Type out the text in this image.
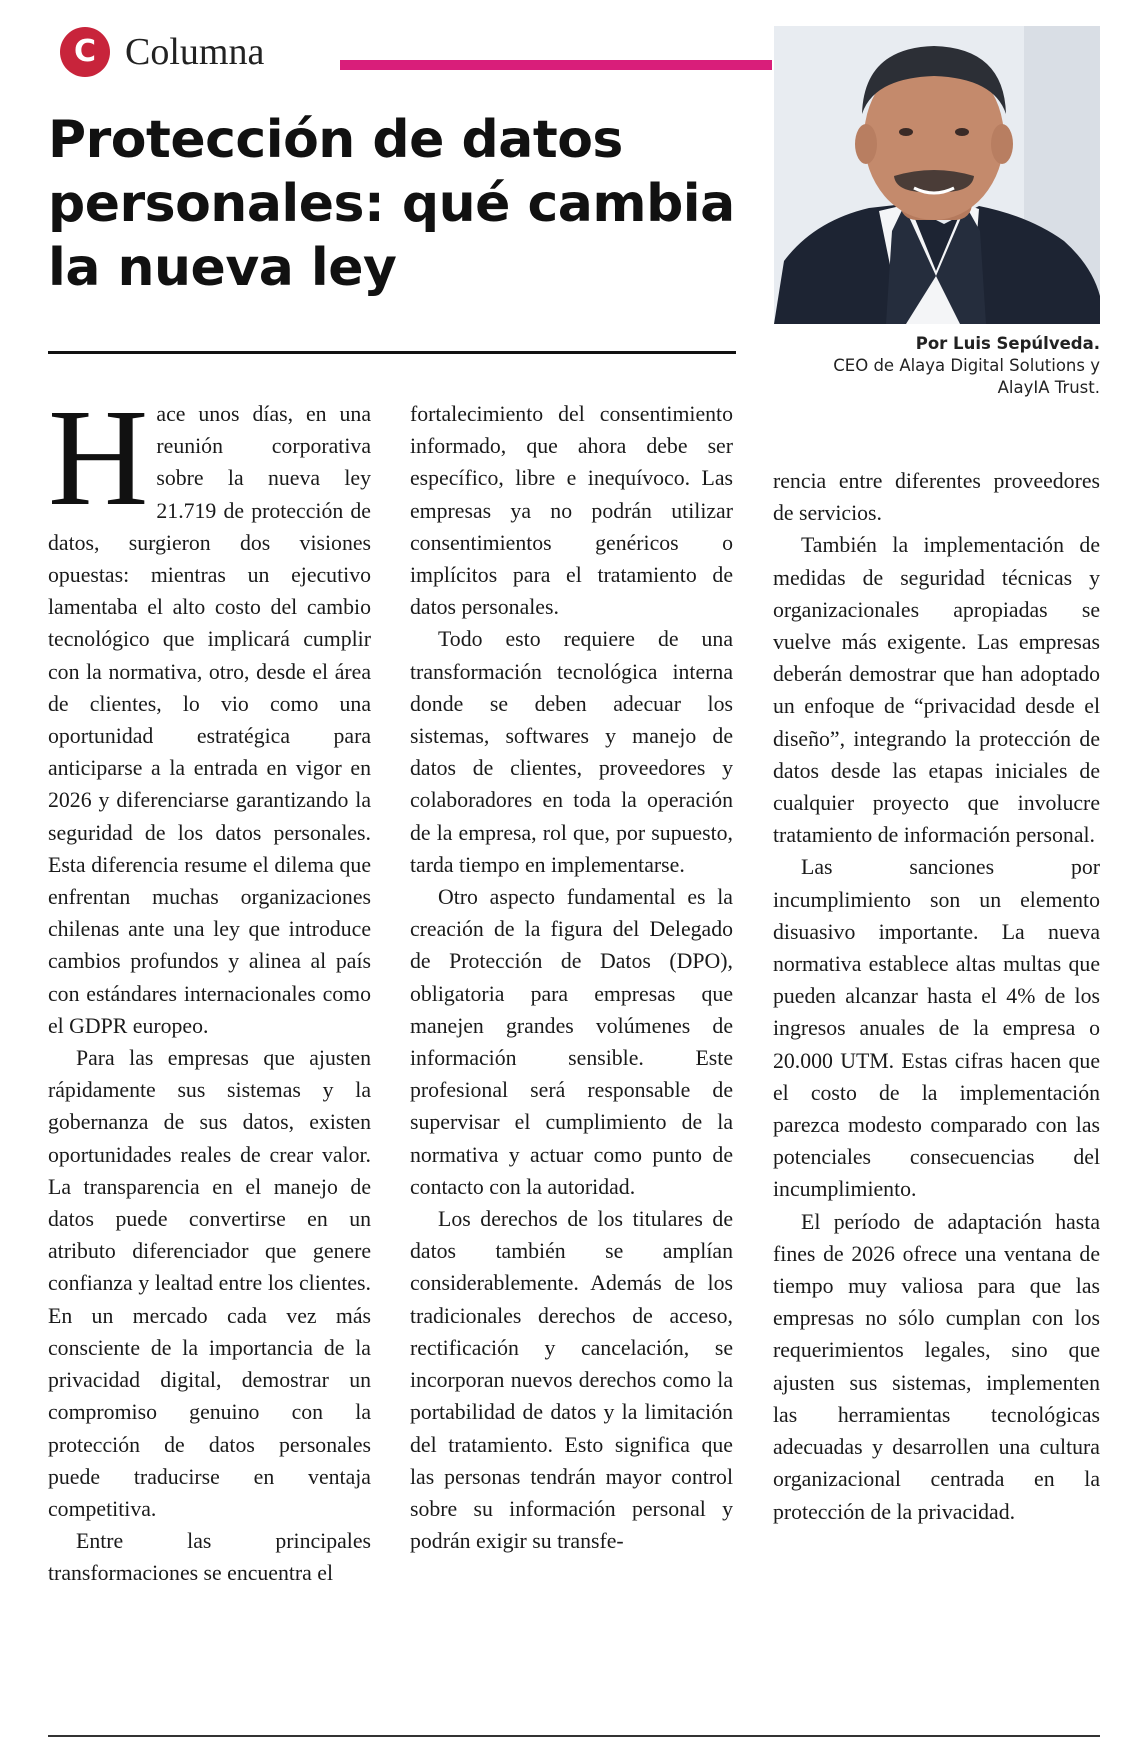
C Columna
Protección de datos personales: qué cambia la nueva ley
Por Luis Sepúlveda.
CEO de Alaya Digital Solutions y AlayIA Trust.

Hace unos días, en una reunión corporativa sobre la nueva ley 21.719 de protección de datos, surgieron dos visiones opuestas: mientras un ejecutivo lamentaba el alto costo del cambio tecnológico que implicará cumplir con la normativa, otro, desde el área de clientes, lo vio como una oportunidad estratégica para anticiparse a la entrada en vigor en 2026 y diferenciarse garantizando la seguridad de los datos personales. Esta diferencia resume el dilema que enfrentan muchas organizaciones chilenas ante una ley que introduce cambios profundos y alinea al país con estándares internacionales como el GDPR europeo.

Para las empresas que ajusten rápidamente sus sistemas y la gobernanza de sus datos, existen oportunidades reales de crear valor. La transparencia en el manejo de datos puede convertirse en un atributo diferenciador que genere confianza y lealtad entre los clientes. En un mercado cada vez más consciente de la importancia de la privacidad digital, demostrar un compromiso genuino con la protección de datos personales puede traducirse en ventaja competitiva.

Entre las principales transformaciones se encuentra el

fortalecimiento del consentimiento informado, que ahora debe ser específico, libre e inequívoco. Las empresas ya no podrán utilizar consentimientos genéricos o implícitos para el tratamiento de datos personales.

Todo esto requiere de una transformación tecnológica interna donde se deben adecuar los sistemas, softwares y manejo de datos de clientes, proveedores y colaboradores en toda la operación de la empresa, rol que, por supuesto, tarda tiempo en implementarse.

Otro aspecto fundamental es la creación de la figura del Delegado de Protección de Datos (DPO), obligatoria para empresas que manejen grandes volúmenes de información sensible. Este profesional será responsable de supervisar el cumplimiento de la normativa y actuar como punto de contacto con la autoridad.

Los derechos de los titulares de datos también se amplían considerablemente. Además de los tradicionales derechos de acceso, rectificación y cancelación, se incorporan nuevos derechos como la portabilidad de datos y la limitación del tratamiento. Esto significa que las personas tendrán mayor control sobre su información personal y podrán exigir su transfe-

rencia entre diferentes proveedores de servicios.

También la implementación de medidas de seguridad técnicas y organizacionales apropiadas se vuelve más exigente. Las empresas deberán demostrar que han adoptado un enfoque de “privacidad desde el diseño”, integrando la protección de datos desde las etapas iniciales de cualquier proyecto que involucre tratamiento de información personal.

Las sanciones por incumplimiento son un elemento disuasivo importante. La nueva normativa establece altas multas que pueden alcanzar hasta el 4% de los ingresos anuales de la empresa o 20.000 UTM. Estas cifras hacen que el costo de la implementación parezca modesto comparado con las potenciales consecuencias del incumplimiento.

El período de adaptación hasta fines de 2026 ofrece una ventana de tiempo muy valiosa para que las empresas no sólo cumplan con los requerimientos legales, sino que ajusten sus sistemas, implementen las herramientas tecnológicas adecuadas y desarrollen una cultura organizacional centrada en la protección de la privacidad.
